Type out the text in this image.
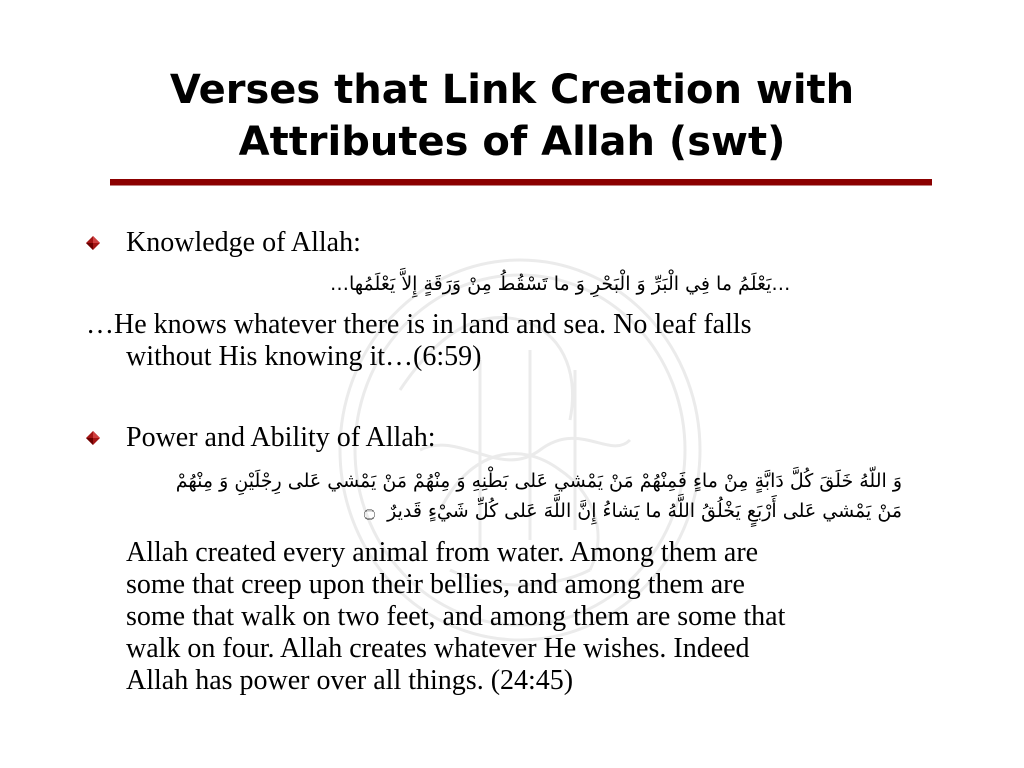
Verses that Link Creation with
Attributes of Allah (swt)
Knowledge of Allah:
…يَعْلَمُ ما فِي الْبَرِّ وَ الْبَحْرِ وَ ما تَسْقُطُ مِنْ وَرَقَةٍ إِلاَّ يَعْلَمُها…
…He knows whatever there is in land and sea. No leaf falls
without His knowing it…(6:59)
Power and Ability of Allah:
وَ اللَّهُ خَلَقَ كُلَّ دَابَّةٍ مِنْ ماءٍ فَمِنْهُمْ مَنْ يَمْشي عَلى بَطْنِهِ وَ مِنْهُمْ مَنْ يَمْشي عَلى رِجْلَيْنِ وَ مِنْهُمْ
مَنْ يَمْشي عَلى أَرْبَعٍ يَخْلُقُ اللَّهُ ما يَشاءُ إِنَّ اللَّهَ عَلى كُلِّ شَيْءٍ قَديرٌ ۝
Allah created every animal from water. Among them are
some that creep upon their bellies, and among them are
some that walk on two feet, and among them are some that
walk on four. Allah creates whatever He wishes. Indeed
Allah has power over all things. (24:45)
